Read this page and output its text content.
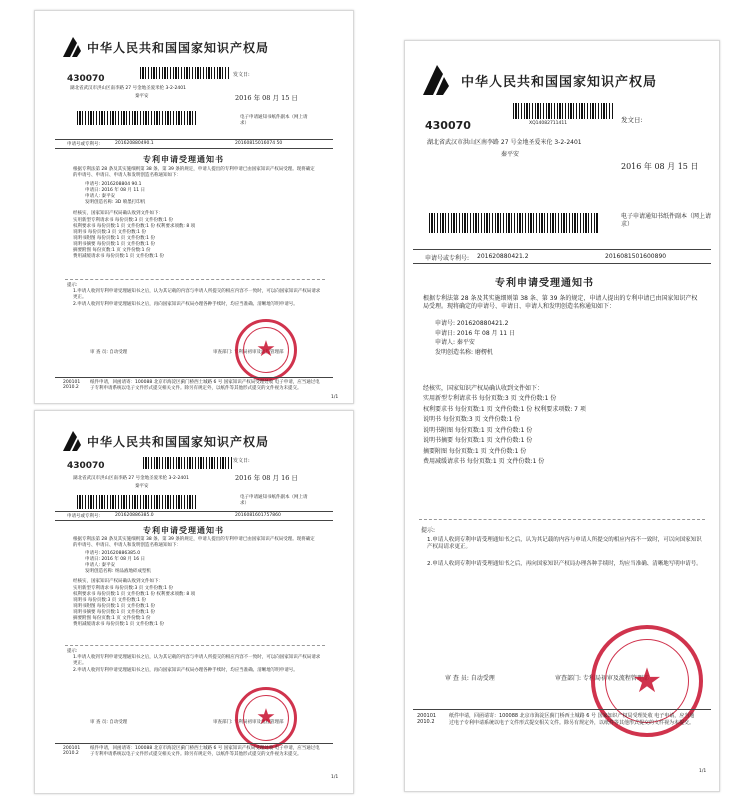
中华人民共和国国家知识产权局
430070
湖北省武汉市洪山区南李路 27 号金地圣爱米伦 3-2-2401
秦平安
发文日:
2016 年 08 月 15 日
电子申请通知书纸件副本（网上请求）
申请号或专利号:	201620880490.1	20160815016074 50
专利申请受理通知书
根据专利法第 28 条及其实施细则第 38 条、第 39 条的规定，申请人提出的专利申请已由国家知识产权局受理。现将确定的申请号、申请日、申请人和发明创造名称通知如下：
申请号: 2016208804 90.1
申请日: 2016 年 08 月 11 日
申请人: 秦平安
发明创造名称: 3D 喷墨打印机
经核实，国家知识产权局确认收到文件如下：
实用新型专利请求书 每份页数:3 页 文件份数:1 份
权利要求书 每份页数:1 页 文件份数:1 份 权利要求项数: 8 项
说明书 每份页数:3 页 文件份数:1 份
说明书附图 每份页数:1 页 文件份数:1 份
说明书摘要 每份页数:1 页 文件份数:1 份
摘要附图 每份页数:1 页 文件份数:1 份
费用减缓请求书 每份页数:1 页 文件份数:1 份
提示:
1.申请人收到专利申请受理通知书之后，认为其记载的内容与申请人所提交的相应内容不一致时，可以向国家知识产权局请求更正。
2.申请人收到专利申请受理通知书之后，再向国家知识产权局办理各种手续时，均应当准确、清晰地写明申请号。
审 查 员: 自动受理	审查部门: 专利局初审及流程管理部
★
200101 2010.2
纸件申请，回函请寄：100088 北京市海淀区蓟门桥西土城路 6 号 国家知识产权局受理处收 电子申请，应当通过电子专利申请系统以电子文件形式提交相关文件。除另有规定外，以纸件等其他形式提交的文件视为未提交。
1/1
中华人民共和国国家知识产权局
430070	XQ14082711411
湖北省武汉市洪山区南李路 27 号金地圣爱米伦 3-2-2401
秦平安
发文日:
2016 年 08 月 15 日
电子申请通知书纸件副本（网上请求）
申请号或专利号: 201620880421.2	2016081501600890
专利申请受理通知书
根据专利法第 28 条及其实施细则第 38 条、第 39 条的规定，申请人提出的专利申请已由国家知识产权局受理。现将确定的申请号、申请日、申请人和发明创造名称通知如下：
申请号: 201620880421.2
申请日: 2016 年 08 月 11 日
申请人: 秦平安
发明创造名称: 磨楞机
经核实，国家知识产权局确认收到文件如下：
实用新型专利请求书 每份页数:3 页 文件份数:1 份
权利要求书 每份页数:1 页 文件份数:1 份 权利要求项数: 7 项
说明书 每份页数:3 页 文件份数:1 份
说明书附图 每份页数:1 页 文件份数:1 份
说明书摘要 每份页数:1 页 文件份数:1 份
摘要附图 每份页数:1 页 文件份数:1 份
费用减缓请求书 每份页数:1 页 文件份数:1 份
提示:
1.申请人收到专利申请受理通知书之后，认为其记载的内容与申请人所提交的相应内容不一致时，可以向国家知识产权局请求更正。
2.申请人收到专利申请受理通知书之后，再向国家知识产权局办理各种手续时，均应当准确、清晰地写明申请号。
审 查 员: 自动受理	审查部门: 专利局初审及流程管理部
★
200101 2010.2
纸件申请，回函请寄：100088 北京市海淀区蓟门桥西土城路 6 号 国家知识产权局受理处收 电子申请，应当通过电子专利申请系统以电子文件形式提交相关文件。除另有规定外，以纸件等其他形式提交的文件视为未提交。
1/1
中华人民共和国国家知识产权局
430070
湖北省武汉市洪山区南李路 27 号金地圣爱米伦 3-2-2401
秦平安
发文日:
2016 年 08 月 16 日
电子申请通知书纸件副本（网上请求）
申请号或专利号:	201620886385.0	2016081601757860
专利申请受理通知书
根据专利法第 28 条及其实施细则第 38 条、第 39 条的规定，申请人提出的专利申请已由国家知识产权局受理。现将确定的申请号、申请日、申请人和发明创造名称通知如下：
申请号: 201620886385.0
申请日: 2016 年 08 月 16 日
申请人: 秦平安
发明创造名称: 纳品液地碎成型机
经核实，国家知识产权局确认收到文件如下：
实用新型专利请求书 每份页数:3 页 文件份数:1 份
权利要求书 每份页数:1 页 文件份数:1 份 权利要求项数: 8 项
说明书 每份页数:3 页 文件份数:1 份
说明书附图 每份页数:1 页 文件份数:1 份
说明书摘要 每份页数:1 页 文件份数:1 份
摘要附图 每份页数:1 页 文件份数:1 份
费用减缓请求书 每份页数:1 页 文件份数:1 份
提示:
1.申请人收到专利申请受理通知书之后，认为其记载的内容与申请人所提交的相应内容不一致时，可以向国家知识产权局请求更正。
2.申请人收到专利申请受理通知书之后，再向国家知识产权局办理各种手续时，均应当准确、清晰地写明申请号。
审 查 员: 自动受理	审查部门: 专利局初审及流程管理部
★
200101 2010.2
纸件申请，回函请寄：100088 北京市海淀区蓟门桥西土城路 6 号 国家知识产权局受理处收 电子申请，应当通过电子专利申请系统以电子文件形式提交相关文件。除另有规定外，以纸件等其他形式提交的文件视为未提交。
1/1
